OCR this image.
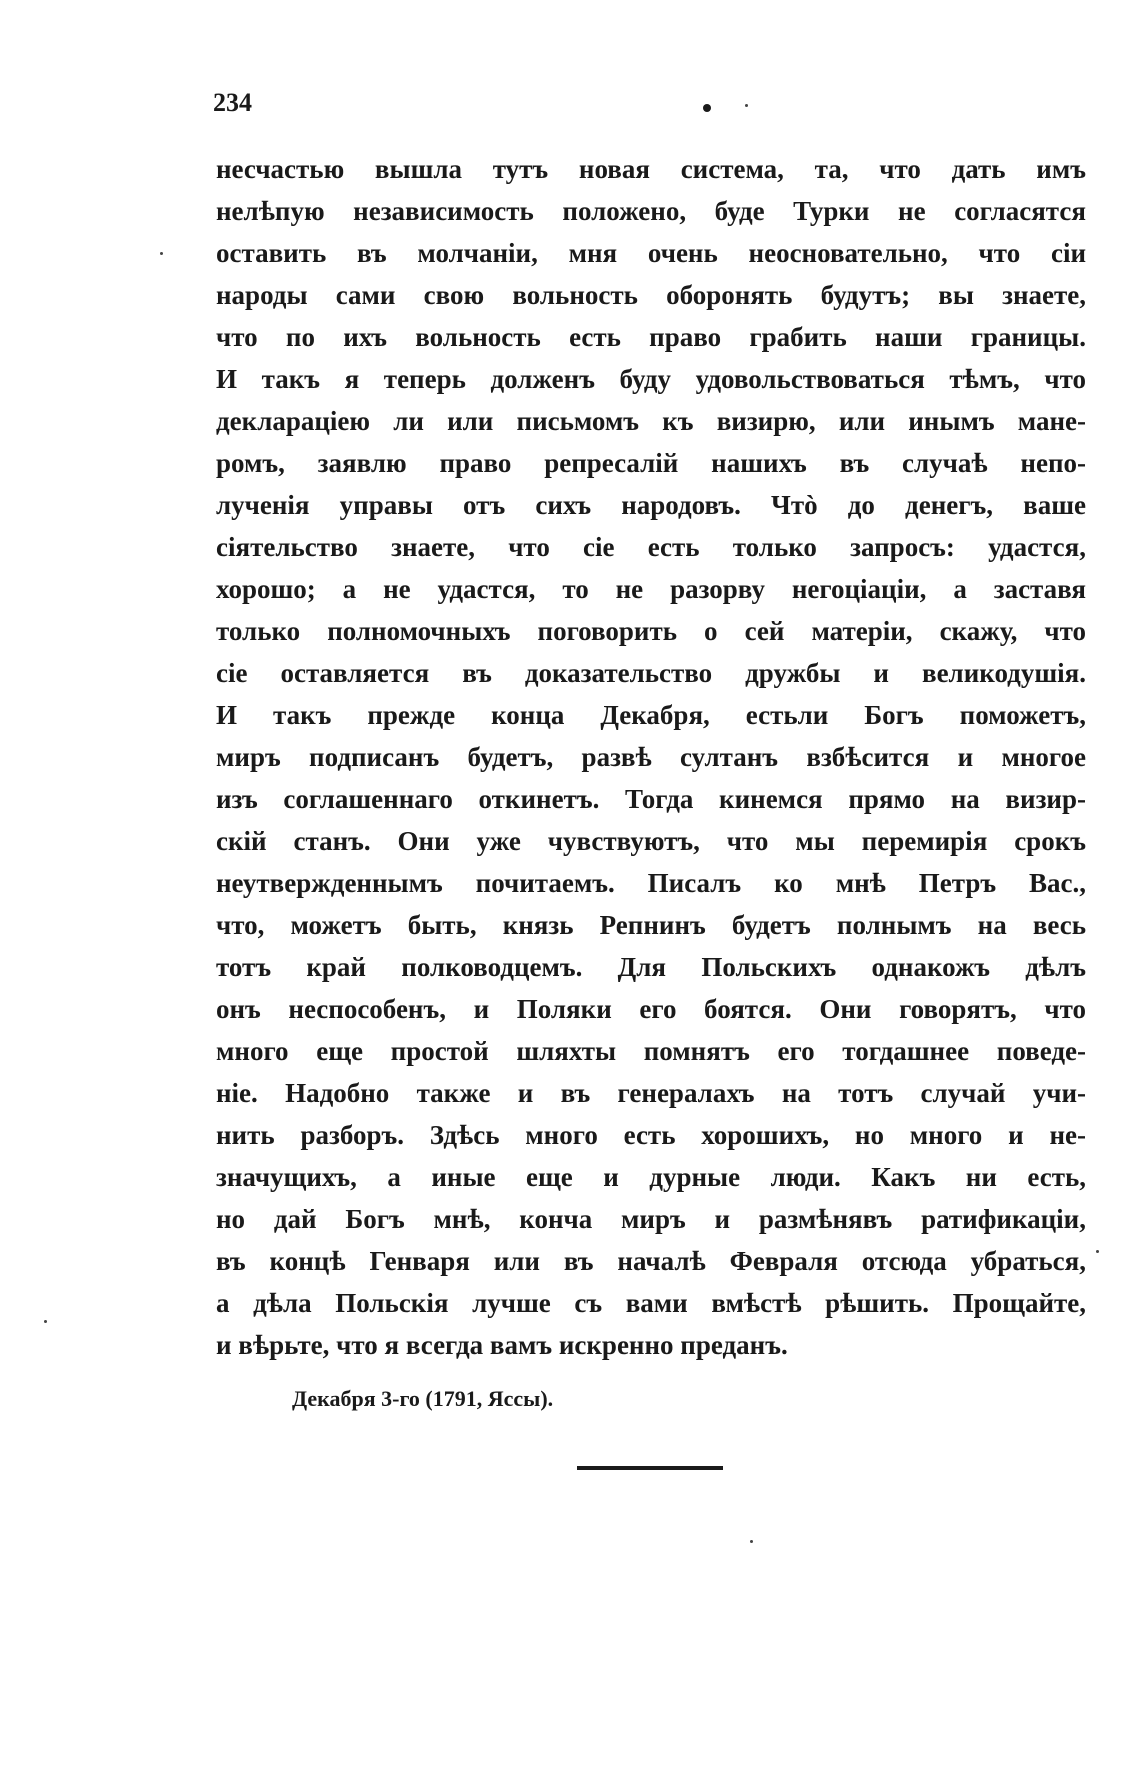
234
несчастью вышла тутъ новая система, та, что дать имъ
нелѣпую независимость положено, буде Турки не согласятся
оставить въ молчаніи, мня очень неосновательно, что сіи
народы сами свою вольность оборонять будутъ; вы знаете,
что по ихъ вольность есть право грабить наши границы.
И такъ я теперь долженъ буду удовольствоваться тѣмъ, что
деклараціею ли или письмомъ къ визирю, или инымъ мане-
ромъ, заявлю право репресалій нашихъ въ случаѣ непо-
лученія управы отъ сихъ народовъ. Чтò до денегъ, ваше
сіятельство знаете, что сіе есть только запросъ: удастся,
хорошо; а не удастся, то не разорву негоціаціи, а заставя
только полномочныхъ поговорить о сей матеріи, скажу, что
сіе оставляется въ доказательство дружбы и великодушія.
И такъ прежде конца Декабря, естьли Богъ поможетъ,
миръ подписанъ будетъ, развѣ султанъ взбѣсится и многое
изъ соглашеннаго откинетъ. Тогда кинемся прямо на визир-
скій станъ. Они уже чувствуютъ, что мы перемирія срокъ
неутвержденнымъ почитаемъ. Писалъ ко мнѣ Петръ Вас.,
что, можетъ быть, князь Репнинъ будетъ полнымъ на весь
тотъ край полководцемъ. Для Польскихъ однакожъ дѣлъ
онъ неспособенъ, и Поляки его боятся. Они говорятъ, что
много еще простой шляхты помнятъ его тогдашнее поведе-
ніе. Надобно также и въ генералахъ на тотъ случай учи-
нить разборъ. Здѣсь много есть хорошихъ, но много и не-
значущихъ, а иные еще и дурные люди. Какъ ни есть,
но дай Богъ мнѣ, конча миръ и размѣнявъ ратификаціи,
въ концѣ Генваря или въ началѣ Февраля отсюда убраться,
а дѣла Польскія лучше съ вами вмѣстѣ рѣшить. Прощайте,
и вѣрьте, что я всегда вамъ искренно преданъ.
Декабря 3-го (1791, Яссы).
